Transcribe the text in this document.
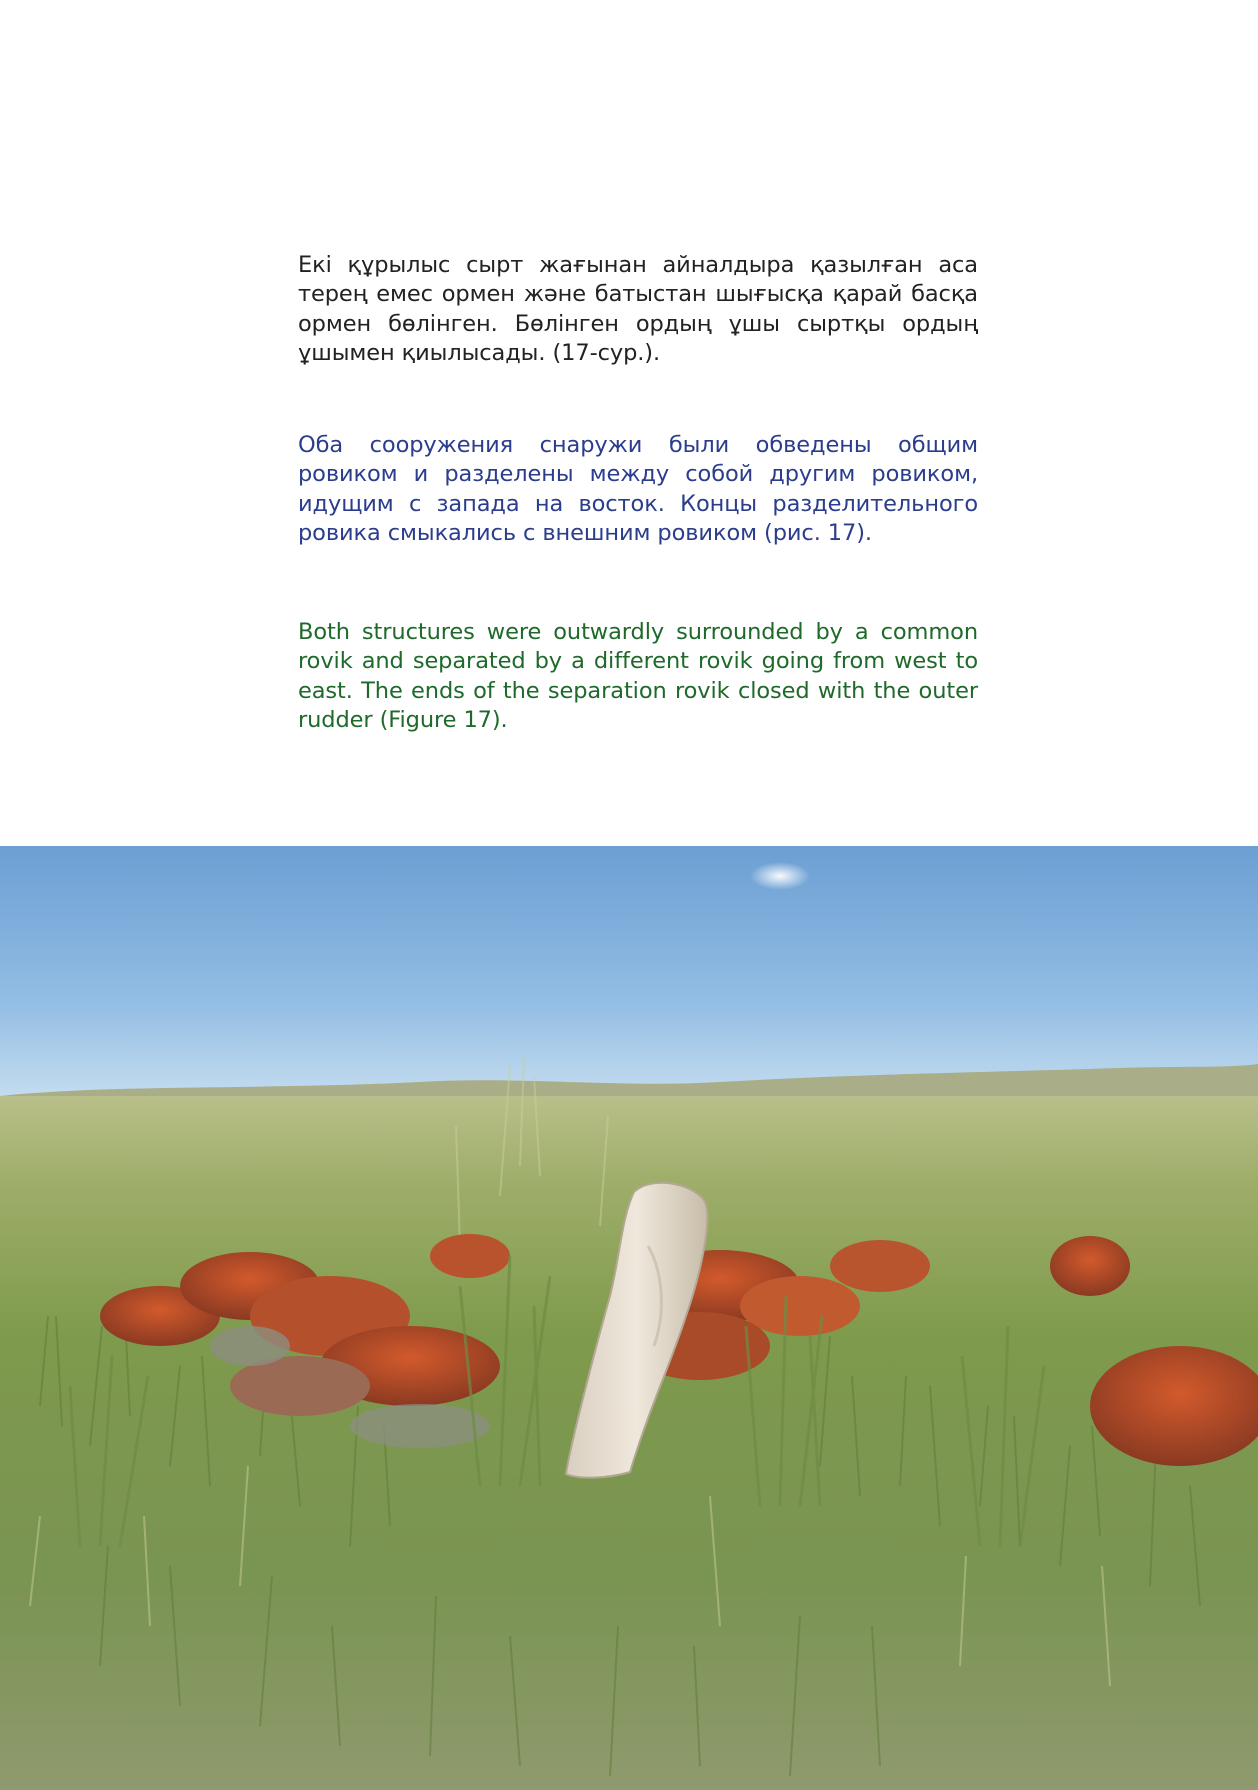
Екі құрылыс сырт жағынан айналдыра қазылған аса терең емес ормен және батыстан шығысқа қарай басқа ормен бөлінген. Бөлінген ордың ұшы сыртқы ордың ұшымен қиылысады. (17-сур.).

Оба сооружения снаружи были обведены общим ровиком и разделены между собой другим ровиком, идущим с запада на восток. Концы разделительного ровика смыкались с внешним ровиком (рис. 17).

Both structures were outwardly surrounded by a common rovik and separated by a different rovik going from west to east. The ends of the separation rovik closed with the outer rudder (Figure 17).
